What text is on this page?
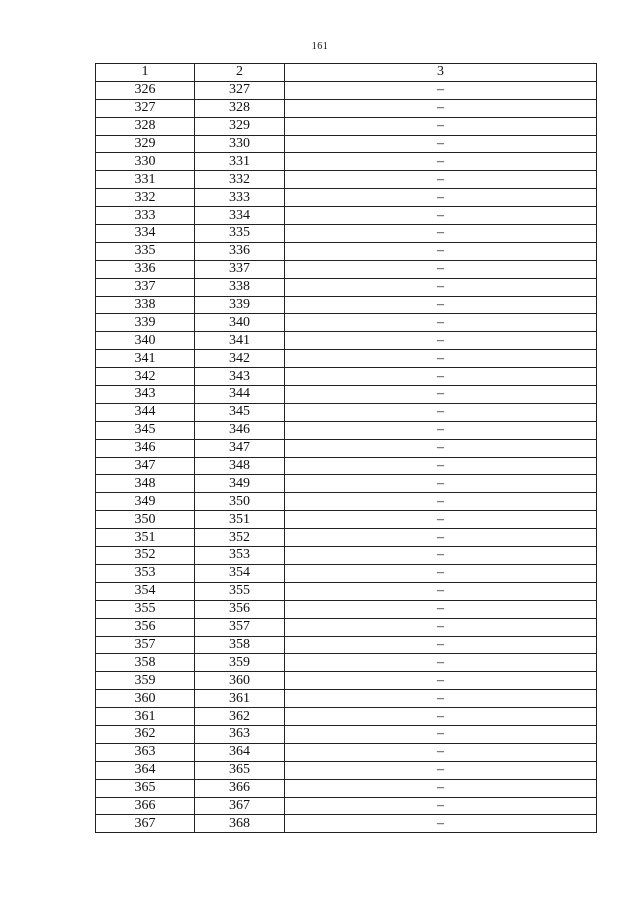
161
1	2	3
326	327	–
327	328	–
328	329	–
329	330	–
330	331	–
331	332	–
332	333	–
333	334	–
334	335	–
335	336	–
336	337	–
337	338	–
338	339	–
339	340	–
340	341	–
341	342	–
342	343	–
343	344	–
344	345	–
345	346	–
346	347	–
347	348	–
348	349	–
349	350	–
350	351	–
351	352	–
352	353	–
353	354	–
354	355	–
355	356	–
356	357	–
357	358	–
358	359	–
359	360	–
360	361	–
361	362	–
362	363	–
363	364	–
364	365	–
365	366	–
366	367	–
367	368	–
